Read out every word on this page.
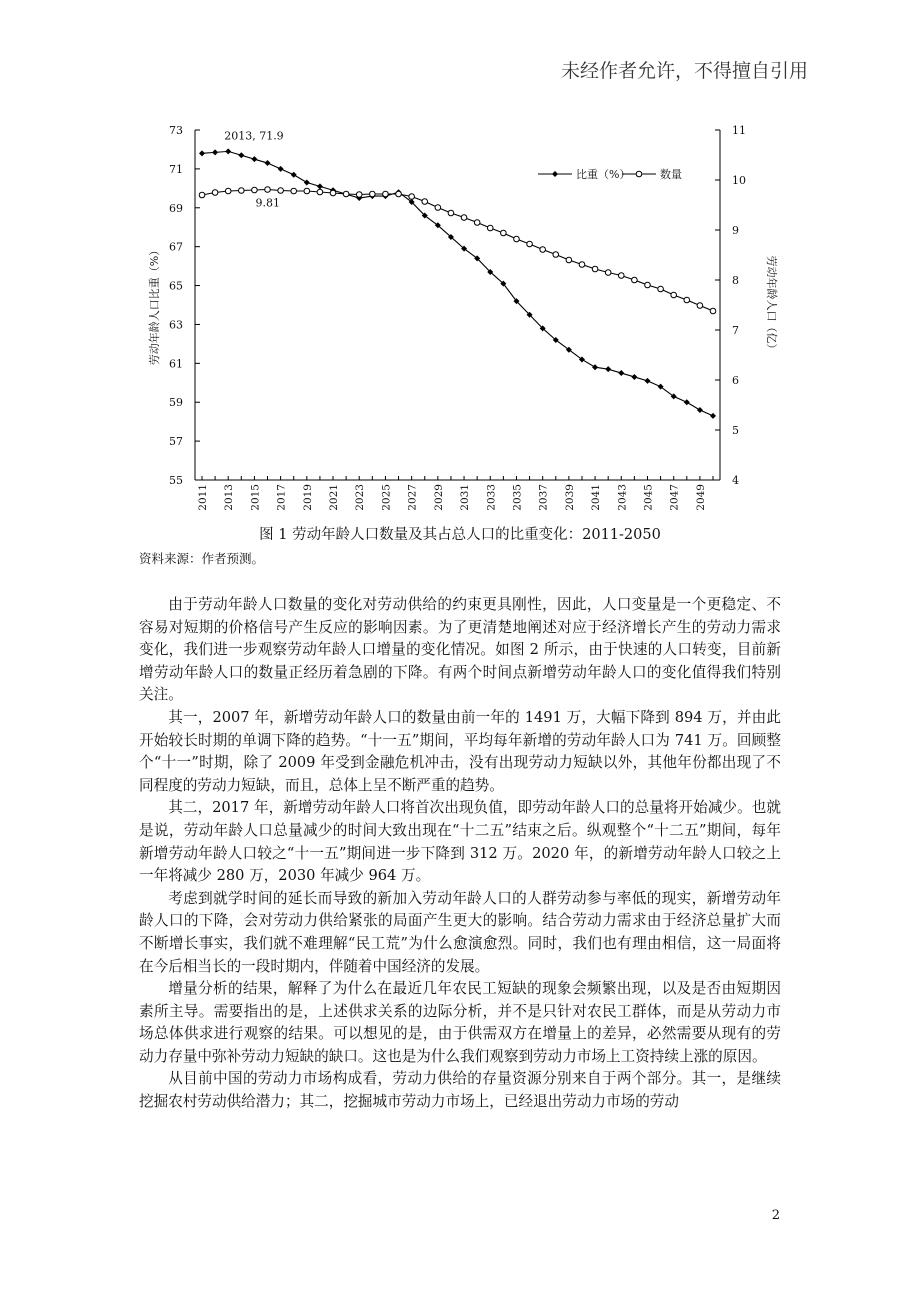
未经作者允许，不得擅自引用
55
57
59
61
63
65
67
69
71
73
4
5
6
7
8
9
10
11
2011 2013 2015 2017 2019 2021 2023 2025 2027 2029 2031 2033 2035 2037 2039 2041 2043 2045 2047 2049
劳动年龄人口比重（%）	劳动年龄人口（亿）
比重（%）	数量
2013, 71.9
9.81
图 1 劳动年龄人口数量及其占总人口的比重变化：2011-2050
资料来源：作者预测。

由于劳动年龄人口数量的变化对劳动供给的约束更具刚性，因此，人口变量是一个更稳定、不容易对短期的价格信号产生反应的影响因素。为了更清楚地阐述对应于经济增长产生的劳动力需求变化，我们进一步观察劳动年龄人口增量的变化情况。如图 2 所示，由于快速的人口转变，目前新增劳动年龄人口的数量正经历着急剧的下降。有两个时间点新增劳动年龄人口的变化值得我们特别关注。

其一，2007 年，新增劳动年龄人口的数量由前一年的 1491 万，大幅下降到 894 万，并由此开始较长时期的单调下降的趋势。“十一五”期间，平均每年新增的劳动年龄人口为 741 万。回顾整个“十一”时期，除了 2009 年受到金融危机冲击，没有出现劳动力短缺以外，其他年份都出现了不同程度的劳动力短缺，而且，总体上呈不断严重的趋势。

其二，2017 年，新增劳动年龄人口将首次出现负值，即劳动年龄人口的总量将开始减少。也就是说，劳动年龄人口总量减少的时间大致出现在“十二五”结束之后。纵观整个“十二五”期间，每年新增劳动年龄人口较之“十一五”期间进一步下降到 312 万。2020 年，的新增劳动年龄人口较之上一年将减少 280 万，2030 年减少 964 万。

考虑到就学时间的延长而导致的新加入劳动年龄人口的人群劳动参与率低的现实，新增劳动年龄人口的下降，会对劳动力供给紧张的局面产生更大的影响。结合劳动力需求由于经济总量扩大而不断增长事实，我们就不难理解“民工荒”为什么愈演愈烈。同时，我们也有理由相信，这一局面将在今后相当长的一段时期内，伴随着中国经济的发展。

增量分析的结果，解释了为什么在最近几年农民工短缺的现象会频繁出现，以及是否由短期因素所主导。需要指出的是，上述供求关系的边际分析，并不是只针对农民工群体，而是从劳动力市场总体供求进行观察的结果。可以想见的是，由于供需双方在增量上的差异，必然需要从现有的劳动力存量中弥补劳动力短缺的缺口。这也是为什么我们观察到劳动力市场上工资持续上涨的原因。

从目前中国的劳动力市场构成看，劳动力供给的存量资源分别来自于两个部分。其一，是继续挖掘农村劳动供给潜力；其二，挖掘城市劳动力市场上，已经退出劳动力市场的劳动

2
